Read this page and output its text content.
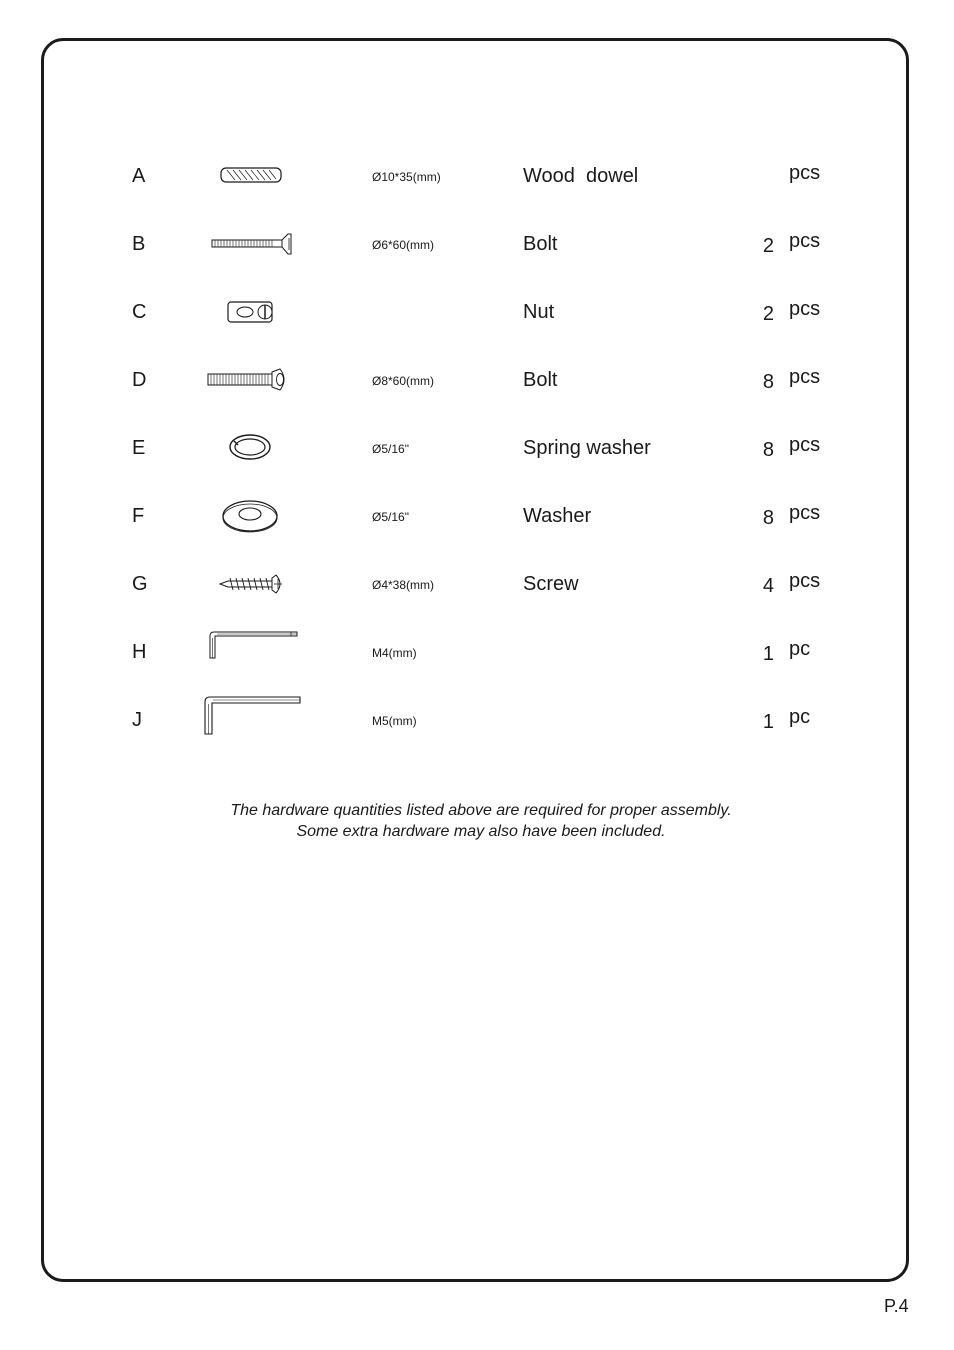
A	Ø10*35(mm)	Wood  dowel	pcs
B	Ø6*60(mm)	Bolt	2 pcs
C	Nut	2 pcs
D	Ø8*60(mm)	Bolt	8 pcs
E	Ø5/16"	Spring washer	8 pcs
F	Ø5/16"	Washer	8 pcs
G	Ø4*38(mm)	Screw	4 pcs
H	M4(mm)	1 pc
J	M5(mm)	1 pc
The hardware quantities listed above are required for proper assembly.
Some extra hardware may also have been included.
P.4
